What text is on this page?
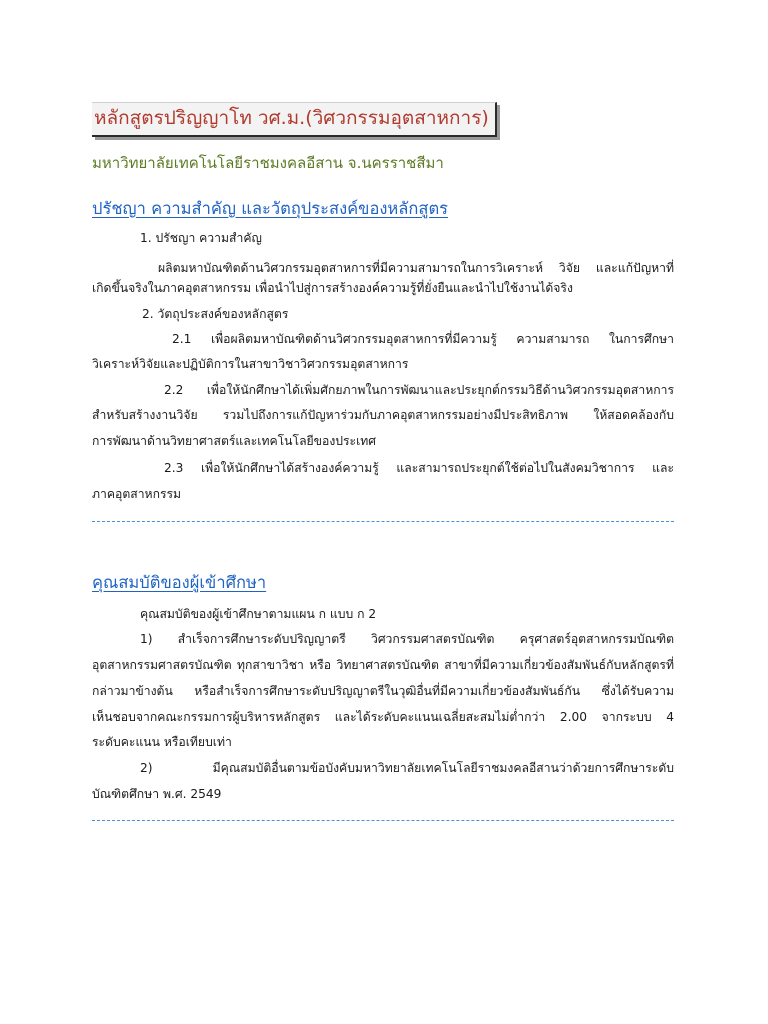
หลักสูตรปริญญาโท วศ.ม.(วิศวกรรมอุตสาหการ)
มหาวิทยาลัยเทคโนโลยีราชมงคลอีสาน จ.นครราชสีมา
ปรัชญา ความสำคัญ และวัตถุประสงค์ของหลักสูตร
1. ปรัชญา ความสำคัญ
ผลิตมหาบัณฑิตด้านวิศวกรรมอุตสาหการที่มีความสามารถในการวิเคราะห์ วิจัย และแก้ปัญหาที่
เกิดขึ้นจริงในภาคอุตสาหกรรม เพื่อนำไปสู่การสร้างองค์ความรู้ที่ยั่งยืนและนำไปใช้งานได้จริง
2. วัตถุประสงค์ของหลักสูตร
2.1 เพื่อผลิตมหาบัณฑิตด้านวิศวกรรมอุตสาหการที่มีความรู้ ความสามารถ ในการศึกษา
วิเคราะห์วิจัยและปฏิบัติการในสาขาวิชาวิศวกรรมอุตสาหการ
2.2 เพื่อให้นักศึกษาได้เพิ่มศักยภาพในการพัฒนาและประยุกต์กรรมวิธีด้านวิศวกรรมอุตสาหการ
สำหรับสร้างงานวิจัย รวมไปถึงการแก้ปัญหาร่วมกับภาคอุตสาหกรรมอย่างมีประสิทธิภาพ ให้สอดคล้องกับ
การพัฒนาด้านวิทยาศาสตร์และเทคโนโลยีของประเทศ
2.3 เพื่อให้นักศึกษาได้สร้างองค์ความรู้ และสามารถประยุกต์ใช้ต่อไปในสังคมวิชาการ และ
ภาคอุตสาหกรรม
คุณสมบัติของผู้เข้าศึกษา
คุณสมบัติของผู้เข้าศึกษาตามแผน ก แบบ ก 2
1) สำเร็จการศึกษาระดับปริญญาตรี วิศวกรรมศาสตรบัณฑิต ครุศาสตร์อุตสาหกรรมบัณฑิต
อุตสาหกรรมศาสตรบัณฑิต ทุกสาขาวิชา หรือ วิทยาศาสตรบัณฑิต สาขาที่มีความเกี่ยวข้องสัมพันธ์กับหลักสูตรที่
กล่าวมาข้างต้น หรือสำเร็จการศึกษาระดับปริญญาตรีในวุฒิอื่นที่มีความเกี่ยวข้องสัมพันธ์กัน ซึ่งได้รับความ
เห็นชอบจากคณะกรรมการผู้บริหารหลักสูตร และได้ระดับคะแนนเฉลี่ยสะสมไม่ต่ำกว่า 2.00 จากระบบ 4
ระดับคะแนน หรือเทียบเท่า
2) มีคุณสมบัติอื่นตามข้อบังคับมหาวิทยาลัยเทคโนโลยีราชมงคลอีสานว่าด้วยการศึกษาระดับ
บัณฑิตศึกษา พ.ศ. 2549
